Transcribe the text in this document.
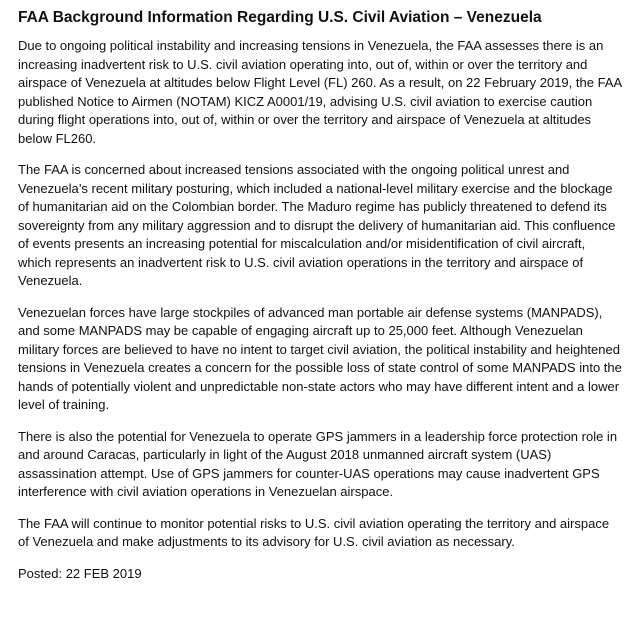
FAA Background Information Regarding U.S. Civil Aviation – Venezuela

Due to ongoing political instability and increasing tensions in Venezuela, the FAA assesses there is an increasing inadvertent risk to U.S. civil aviation operating into, out of, within or over the territory and airspace of Venezuela at altitudes below Flight Level (FL) 260. As a result, on 22 February 2019, the FAA published Notice to Airmen (NOTAM) KICZ A0001/19, advising U.S. civil aviation to exercise caution during flight operations into, out of, within or over the territory and airspace of Venezuela at altitudes below FL260.

The FAA is concerned about increased tensions associated with the ongoing political unrest and Venezuela’s recent military posturing, which included a national-level military exercise and the blockage of humanitarian aid on the Colombian border. The Maduro regime has publicly threatened to defend its sovereignty from any military aggression and to disrupt the delivery of humanitarian aid. This confluence of events presents an increasing potential for miscalculation and/or misidentification of civil aircraft, which represents an inadvertent risk to U.S. civil aviation operations in the territory and airspace of Venezuela.

Venezuelan forces have large stockpiles of advanced man portable air defense systems (MANPADS), and some MANPADS may be capable of engaging aircraft up to 25,000 feet. Although Venezuelan military forces are believed to have no intent to target civil aviation, the political instability and heightened tensions in Venezuela creates a concern for the possible loss of state control of some MANPADS into the hands of potentially violent and unpredictable non-state actors who may have different intent and a lower level of training.

There is also the potential for Venezuela to operate GPS jammers in a leadership force protection role in and around Caracas, particularly in light of the August 2018 unmanned aircraft system (UAS) assassination attempt. Use of GPS jammers for counter-UAS operations may cause inadvertent GPS interference with civil aviation operations in Venezuelan airspace.

The FAA will continue to monitor potential risks to U.S. civil aviation operating the territory and airspace of Venezuela and make adjustments to its advisory for U.S. civil aviation as necessary.

Posted: 22 FEB 2019
